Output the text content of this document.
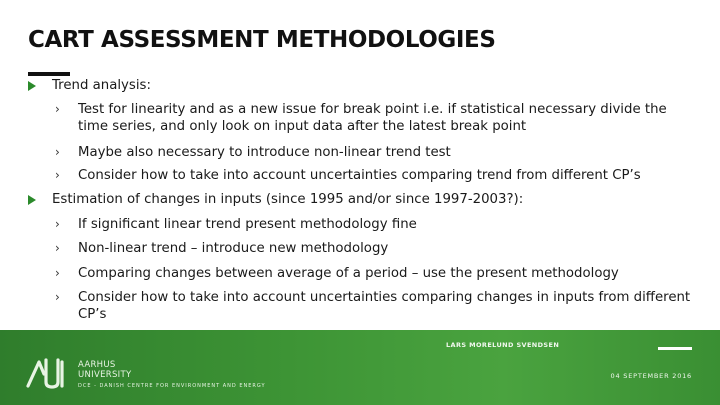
CART ASSESSMENT METHODOLOGIES
Trend analysis:
› Test for linearity and as a new issue for break point i.e. if statistical necessary divide the time series, and only look on input data after the latest break point
› Maybe also necessary to introduce non-linear trend test
› Consider how to take into account uncertainties comparing trend from different CP’s
Estimation of changes in inputs (since 1995 and/or since 1997-2003?):
› If significant linear trend present methodology fine
› Non-linear trend – introduce new methodology
› Comparing changes between average of a period – use the present methodology
› Consider how to take into account uncertainties comparing changes in inputs from different CP’s
AARHUS
UNIVERSITY
DCE - DANISH CENTRE FOR ENVIRONMENT AND ENERGY
LARS MORELUND SVENDSEN
04 SEPTEMBER 2016
